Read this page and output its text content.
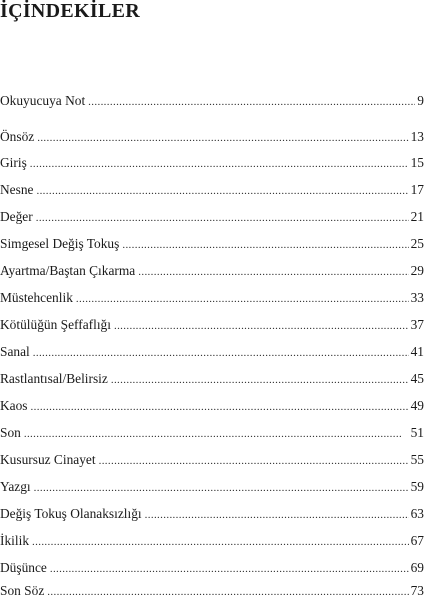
İÇİNDEKİLER
Okuyucuya Not . . .	9
Önsöz . . .	13
Giriş . . .	15
Nesne . . .	17
Değer . . .	21
Simgesel Değiş Tokuş . . .	25
Ayartma/Baştan Çıkarma . . .	29
Müstehcenlik . . .	33
Kötülüğün Şeffaflığı . . .	37
Sanal . . .	41
Rastlantısal/Belirsiz . . .	45
Kaos . . .	49
Son . . .	51
Kusursuz Cinayet . . .	55
Yazgı . . .	59
Değiş Tokuş Olanaksızlığı . . .	63
İkilik . . .	67
Düşünce . . .	69
Son Söz . . .	73
